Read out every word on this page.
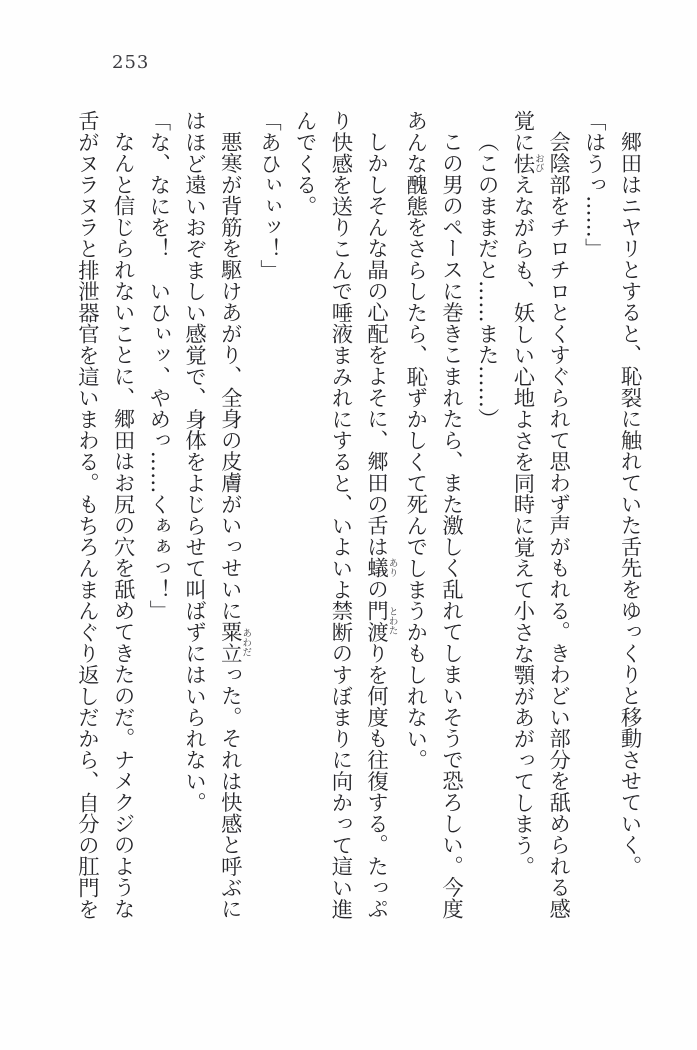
253

郷田はニヤリとすると、恥裂に触れていた舌先をゆっくりと移動させていく。

「はうっ……」

会陰部をチロチロとくすぐられて思わず声がもれる。きわどい部分を舐められる感覚に怯おびえながらも、妖しい心地よさを同時に覚えて小さな顎があがってしまう。

（このままだと……また……）

この男のペースに巻きこまれたら、また激しく乱れてしまいそうで恐ろしい。今度あんな醜態をさらしたら、恥ずかしくて死んでしまうかもしれない。

しかしそんな晶の心配をよそに、郷田の舌は蟻ありの門渡とわたりを何度も往復する。たっぷり快感を送りこんで唾液まみれにすると、いよいよ禁断のすぼまりに向かって這い進んでくる。

「あひぃぃッ！」

悪寒が背筋を駆けあがり、全身の皮膚がいっせいに粟立あわだった。それは快感と呼ぶにはほど遠いおぞましい感覚で、身体をよじらせて叫ばずにはいられない。

「な、なにを！　いひぃッ、やめっ……くぁぁっ！」

なんと信じられないことに、郷田はお尻の穴を舐めてきたのだ。ナメクジのような舌がヌラヌラと排泄器官を這いまわる。もちろんまんぐり返しだから、自分の肛門を
